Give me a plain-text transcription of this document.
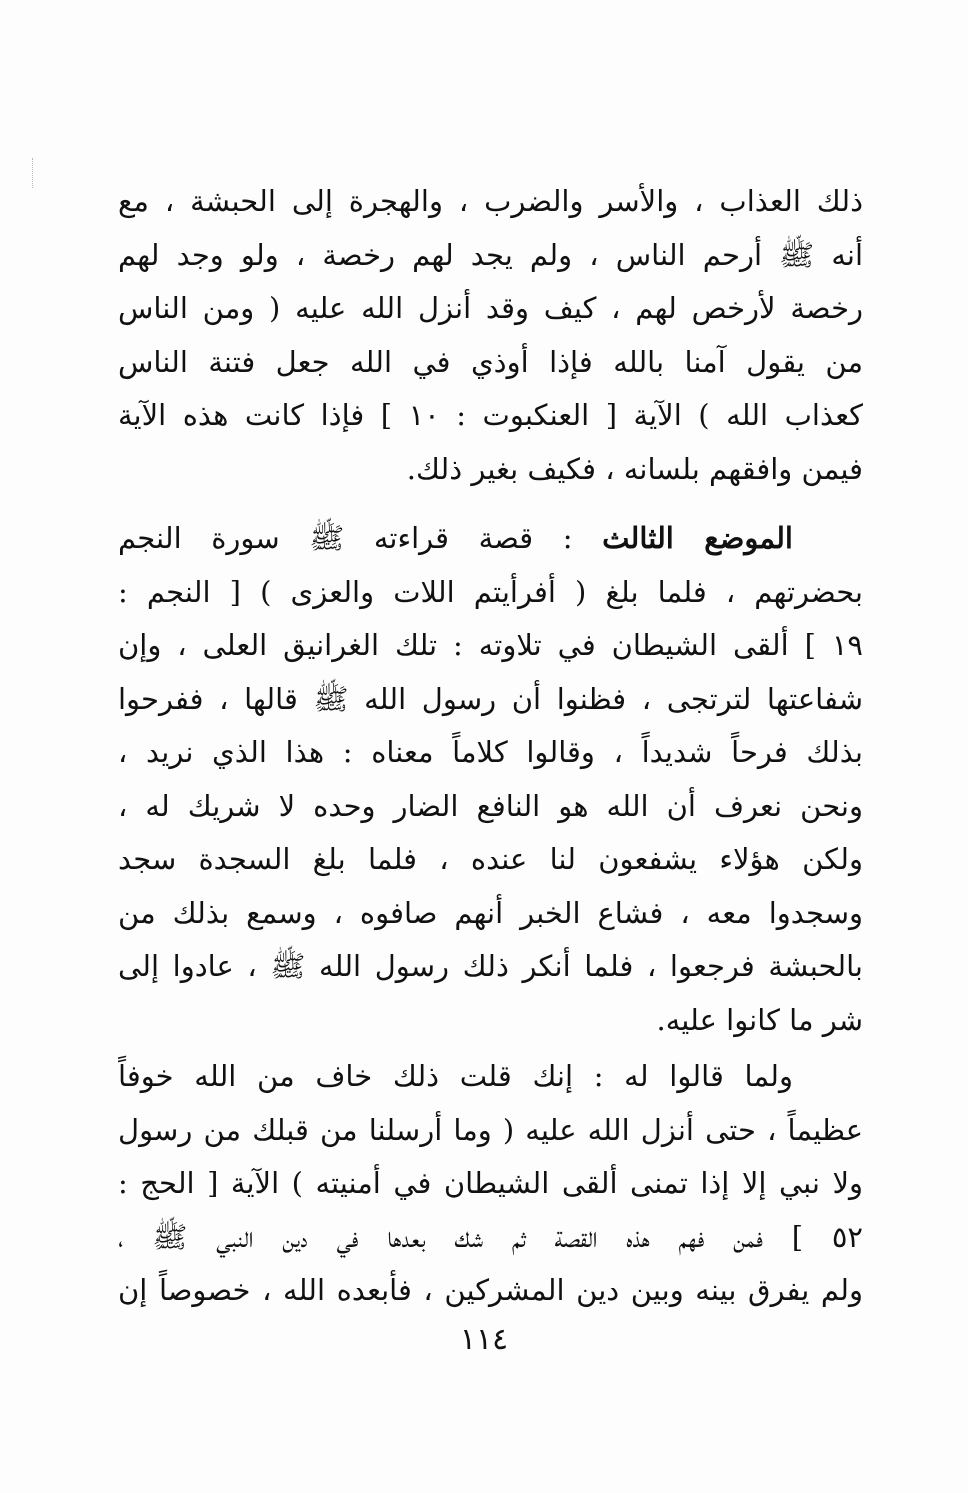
ذلك العذاب ، والأسر والضرب ، والهجرة إلى الحبشة ، مع
أنه ﷺ أرحم الناس ، ولم يجد لهم رخصة ، ولو وجد لهم
رخصة لأرخص لهم ، كيف وقد أنزل الله عليه ( ومن الناس
من يقول آمنا بالله فإذا أوذي في الله جعل فتنة الناس
كعذاب الله ) الآية [ العنكبوت : ١٠ ] فإذا كانت هذه الآية
فيمن وافقهم بلسانه ، فكيف بغير ذلك.
الموضع الثالث : قصة قراءته ﷺ سورة النجم
بحضرتهم ، فلما بلغ ( أفرأيتم اللات والعزى ) [ النجم :
١٩ ] ألقى الشيطان في تلاوته : تلك الغرانيق العلى ، وإن
شفاعتها لترتجى ، فظنوا أن رسول الله ﷺ قالها ، ففرحوا
بذلك فرحاً شديداً ، وقالوا كلاماً معناه : هذا الذي نريد ،
ونحن نعرف أن الله هو النافع الضار وحده لا شريك له ،
ولكن هؤلاء يشفعون لنا عنده ، فلما بلغ السجدة سجد
وسجدوا معه ، فشاع الخبر أنهم صافوه ، وسمع بذلك من
بالحبشة فرجعوا ، فلما أنكر ذلك رسول الله ﷺ ، عادوا إلى
شر ما كانوا عليه.
ولما قالوا له : إنك قلت ذلك خاف من الله خوفاً
عظيماً ، حتى أنزل الله عليه ( وما أرسلنا من قبلك من رسول
ولا نبي إلا إذا تمنى ألقى الشيطان في أمنيته ) الآية [ الحج :
٥٢ ] فمن فهم هذه القصة ثم شك بعدها في دين النبي ﷺ ،
ولم يفرق بينه وبين دين المشركين ، فأبعده الله ، خصوصاً إن
١١٤
